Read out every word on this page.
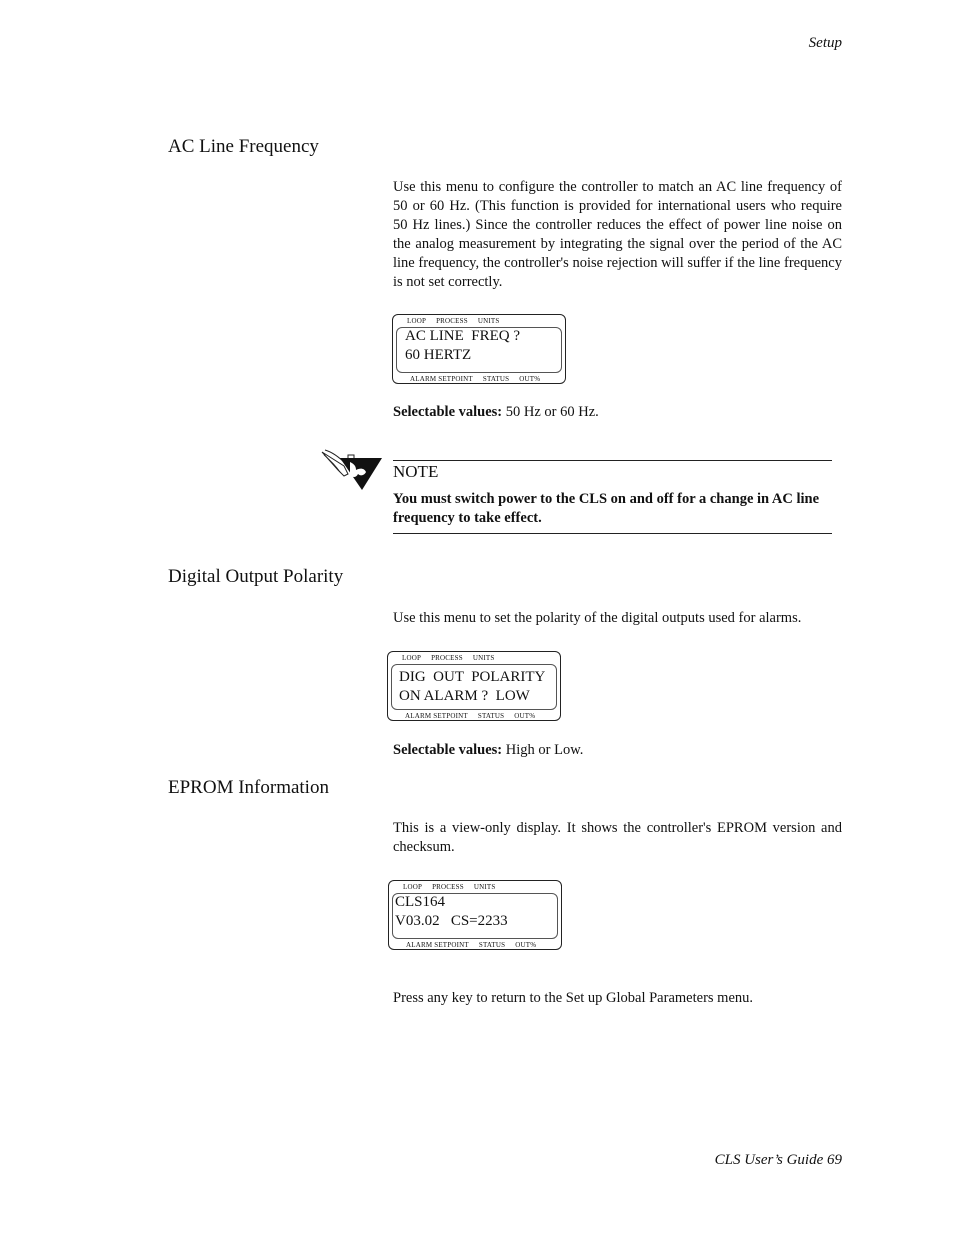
Setup
CLS User’s Guide 69
AC Line Frequency
Use this menu to configure the controller to match an AC line frequency of 50 or 60 Hz. (This function is provided for international users who require 50 Hz lines.) Since the controller reduces the effect of power line noise on the analog measurement by integrating the signal over the period of the AC line frequency, the controller's noise rejection will suffer if the line frequency is not set correctly.
LOOP PROCESS UNITS
AC LINE  FREQ ?
60 HERTZ
ALARM SETPOINT STATUS OUT%
Selectable values: 50 Hz or 60 Hz.
NOTE
You must switch power to the CLS on and off for a change in AC line frequency to take effect.
Digital Output Polarity
Use this menu to set the polarity of the digital outputs used for alarms.
LOOP PROCESS UNITS
DIG  OUT  POLARITY
ON ALARM ?  LOW
ALARM SETPOINT STATUS OUT%
Selectable values: High or Low.
EPROM Information
This is a view-only display. It shows the controller's EPROM version and checksum.
LOOP PROCESS UNITS
CLS164
V03.02   CS=2233
ALARM SETPOINT STATUS OUT%
Press any key to return to the Set up Global Parameters menu.
